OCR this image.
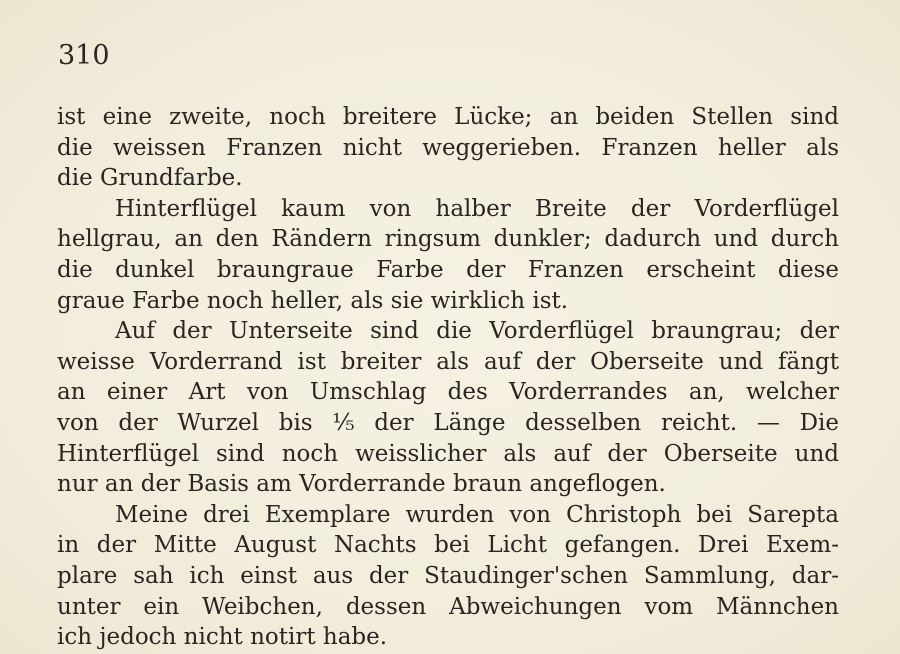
310
ist eine zweite, noch breitere Lücke; an beiden Stellen sind
die weissen Franzen nicht weggerieben. Franzen heller als
die Grundfarbe.
Hinterflügel kaum von halber Breite der Vorderflügel
hellgrau, an den Rändern ringsum dunkler; dadurch und durch
die dunkel braungraue Farbe der Franzen erscheint diese
graue Farbe noch heller, als sie wirklich ist.
Auf der Unterseite sind die Vorderflügel braungrau; der
weisse Vorderrand ist breiter als auf der Oberseite und fängt
an einer Art von Umschlag des Vorderrandes an, welcher
von der Wurzel bis ¹⁄₅ der Länge desselben reicht. — Die
Hinterflügel sind noch weisslicher als auf der Oberseite und
nur an der Basis am Vorderrande braun angeflogen.
Meine drei Exemplare wurden von Christoph bei Sarepta
in der Mitte August Nachts bei Licht gefangen. Drei Exem-
plare sah ich einst aus der Staudinger'schen Sammlung, dar-
unter ein Weibchen, dessen Abweichungen vom Männchen
ich jedoch nicht notirt habe.
